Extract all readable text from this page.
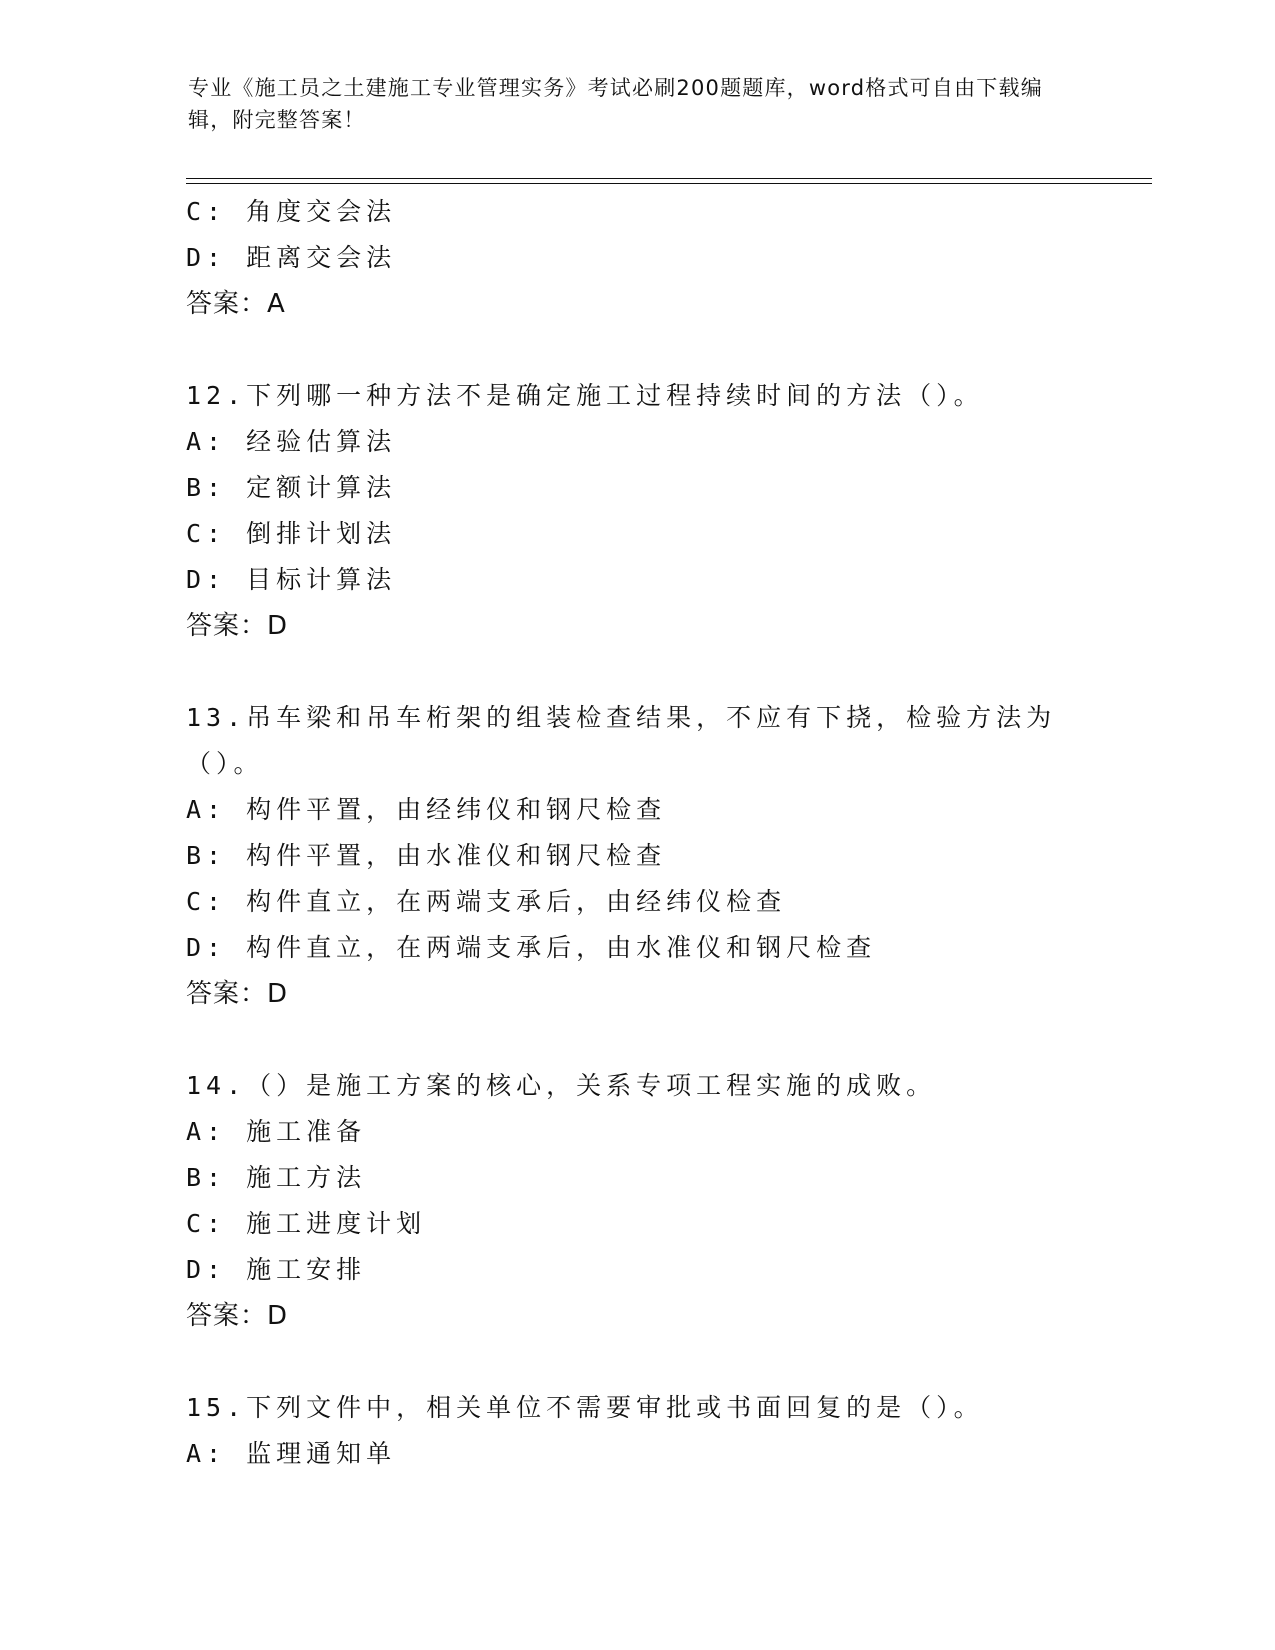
专业《施工员之土建施工专业管理实务》考试必刷200题题库，word格式可自由下载编辑，附完整答案！
C: 角度交会法
D: 距离交会法
答案：A
12.下列哪一种方法不是确定施工过程持续时间的方法（）。
A: 经验估算法
B: 定额计算法
C: 倒排计划法
D: 目标计算法
答案：D
13.吊车梁和吊车桁架的组装检查结果，不应有下挠，检验方法为（）。
A: 构件平置，由经纬仪和钢尺检查
B: 构件平置，由水准仪和钢尺检查
C: 构件直立，在两端支承后，由经纬仪检查
D: 构件直立，在两端支承后，由水准仪和钢尺检查
答案：D
14.（）是施工方案的核心，关系专项工程实施的成败。
A: 施工准备
B: 施工方法
C: 施工进度计划
D: 施工安排
答案：D
15.下列文件中，相关单位不需要审批或书面回复的是（）。
A: 监理通知单
